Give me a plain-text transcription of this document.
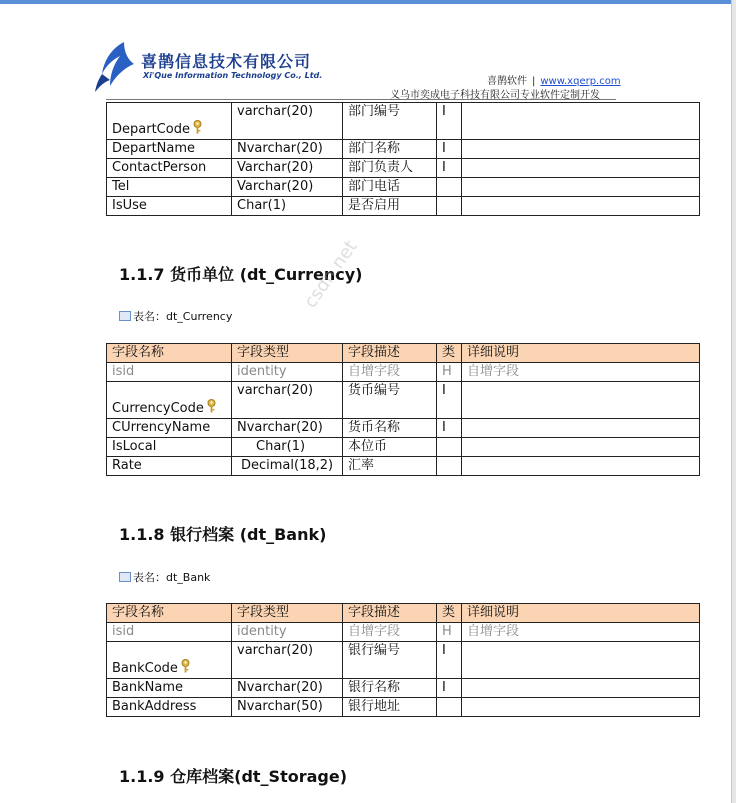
喜鹊信息技术有限公司
Xi'Que Information Technology Co., Ltd.
喜鹊软件 | www.xqerp.com
义乌市奕成电子科技有限公司专业软件定制开发
DepartCode	varchar(20)	部门编号	I	
DepartName	Nvarchar(20)	部门名称	I	
ContactPerson	Varchar(20)	部门负责人	I	
Tel	Varchar(20)	部门电话		
IsUse	Char(1)	是否启用		
1.1.7 货币单位 (dt_Currency)
表名：dt_Currency
字段名称	字段类型	字段描述	类	详细说明
isid	identity	自增字段	H	自增字段
CurrencyCode	varchar(20)	货币编号	I	
CUrrencyName	Nvarchar(20)	货币名称	I	
IsLocal	Char(1)	本位币		
Rate	Decimal(18,2)	汇率		
1.1.8 银行档案 (dt_Bank)
表名：dt_Bank
字段名称	字段类型	字段描述	类	详细说明
isid	identity	自增字段	H	自增字段
BankCode	varchar(20)	银行编号	I	
BankName	Nvarchar(20)	银行名称	I	
BankAddress	Nvarchar(50)	银行地址		
1.1.9 仓库档案(dt_Storage)
csdn.net
